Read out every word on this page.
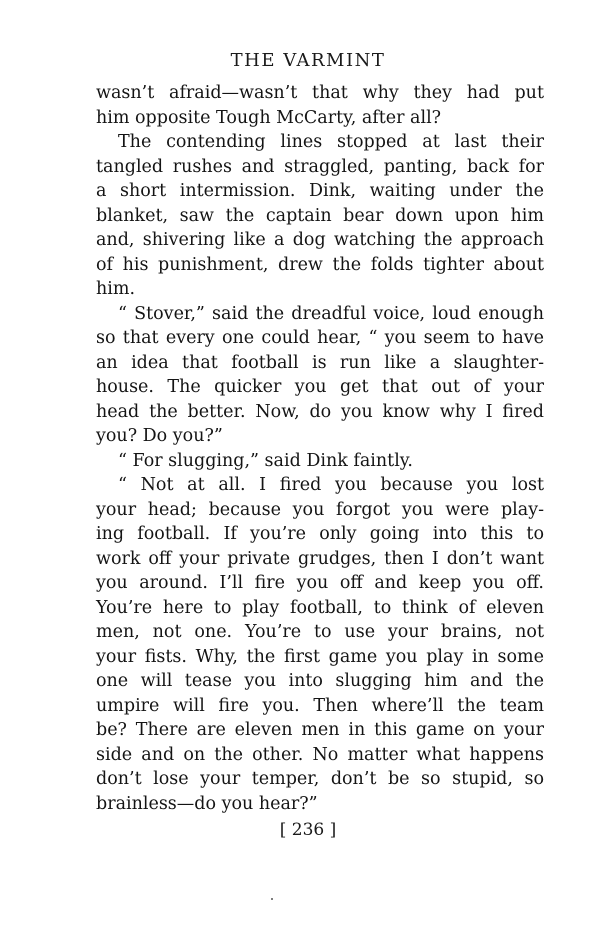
THE VARMINT
wasn’t afraid—wasn’t that why they had put
him opposite Tough McCarty, after all?
The contending lines stopped at last their
tangled rushes and straggled, panting, back for
a short intermission. Dink, waiting under the
blanket, saw the captain bear down upon him
and, shivering like a dog watching the approach
of his punishment, drew the folds tighter about
him.
“ Stover,” said the dreadful voice, loud enough
so that every one could hear, “ you seem to have
an idea that football is run like a slaughter-
house. The quicker you get that out of your
head the better. Now, do you know why I fired
you? Do you?”
“ For slugging,” said Dink faintly.
“ Not at all. I fired you because you lost
your head; because you forgot you were play-
ing football. If you’re only going into this to
work off your private grudges, then I don’t want
you around. I’ll fire you off and keep you off.
You’re here to play football, to think of eleven
men, not one. You’re to use your brains, not
your fists. Why, the first game you play in some
one will tease you into slugging him and the
umpire will fire you. Then where’ll the team
be? There are eleven men in this game on your
side and on the other. No matter what happens
don’t lose your temper, don’t be so stupid, so
brainless—do you hear?”
[ 236 ]
